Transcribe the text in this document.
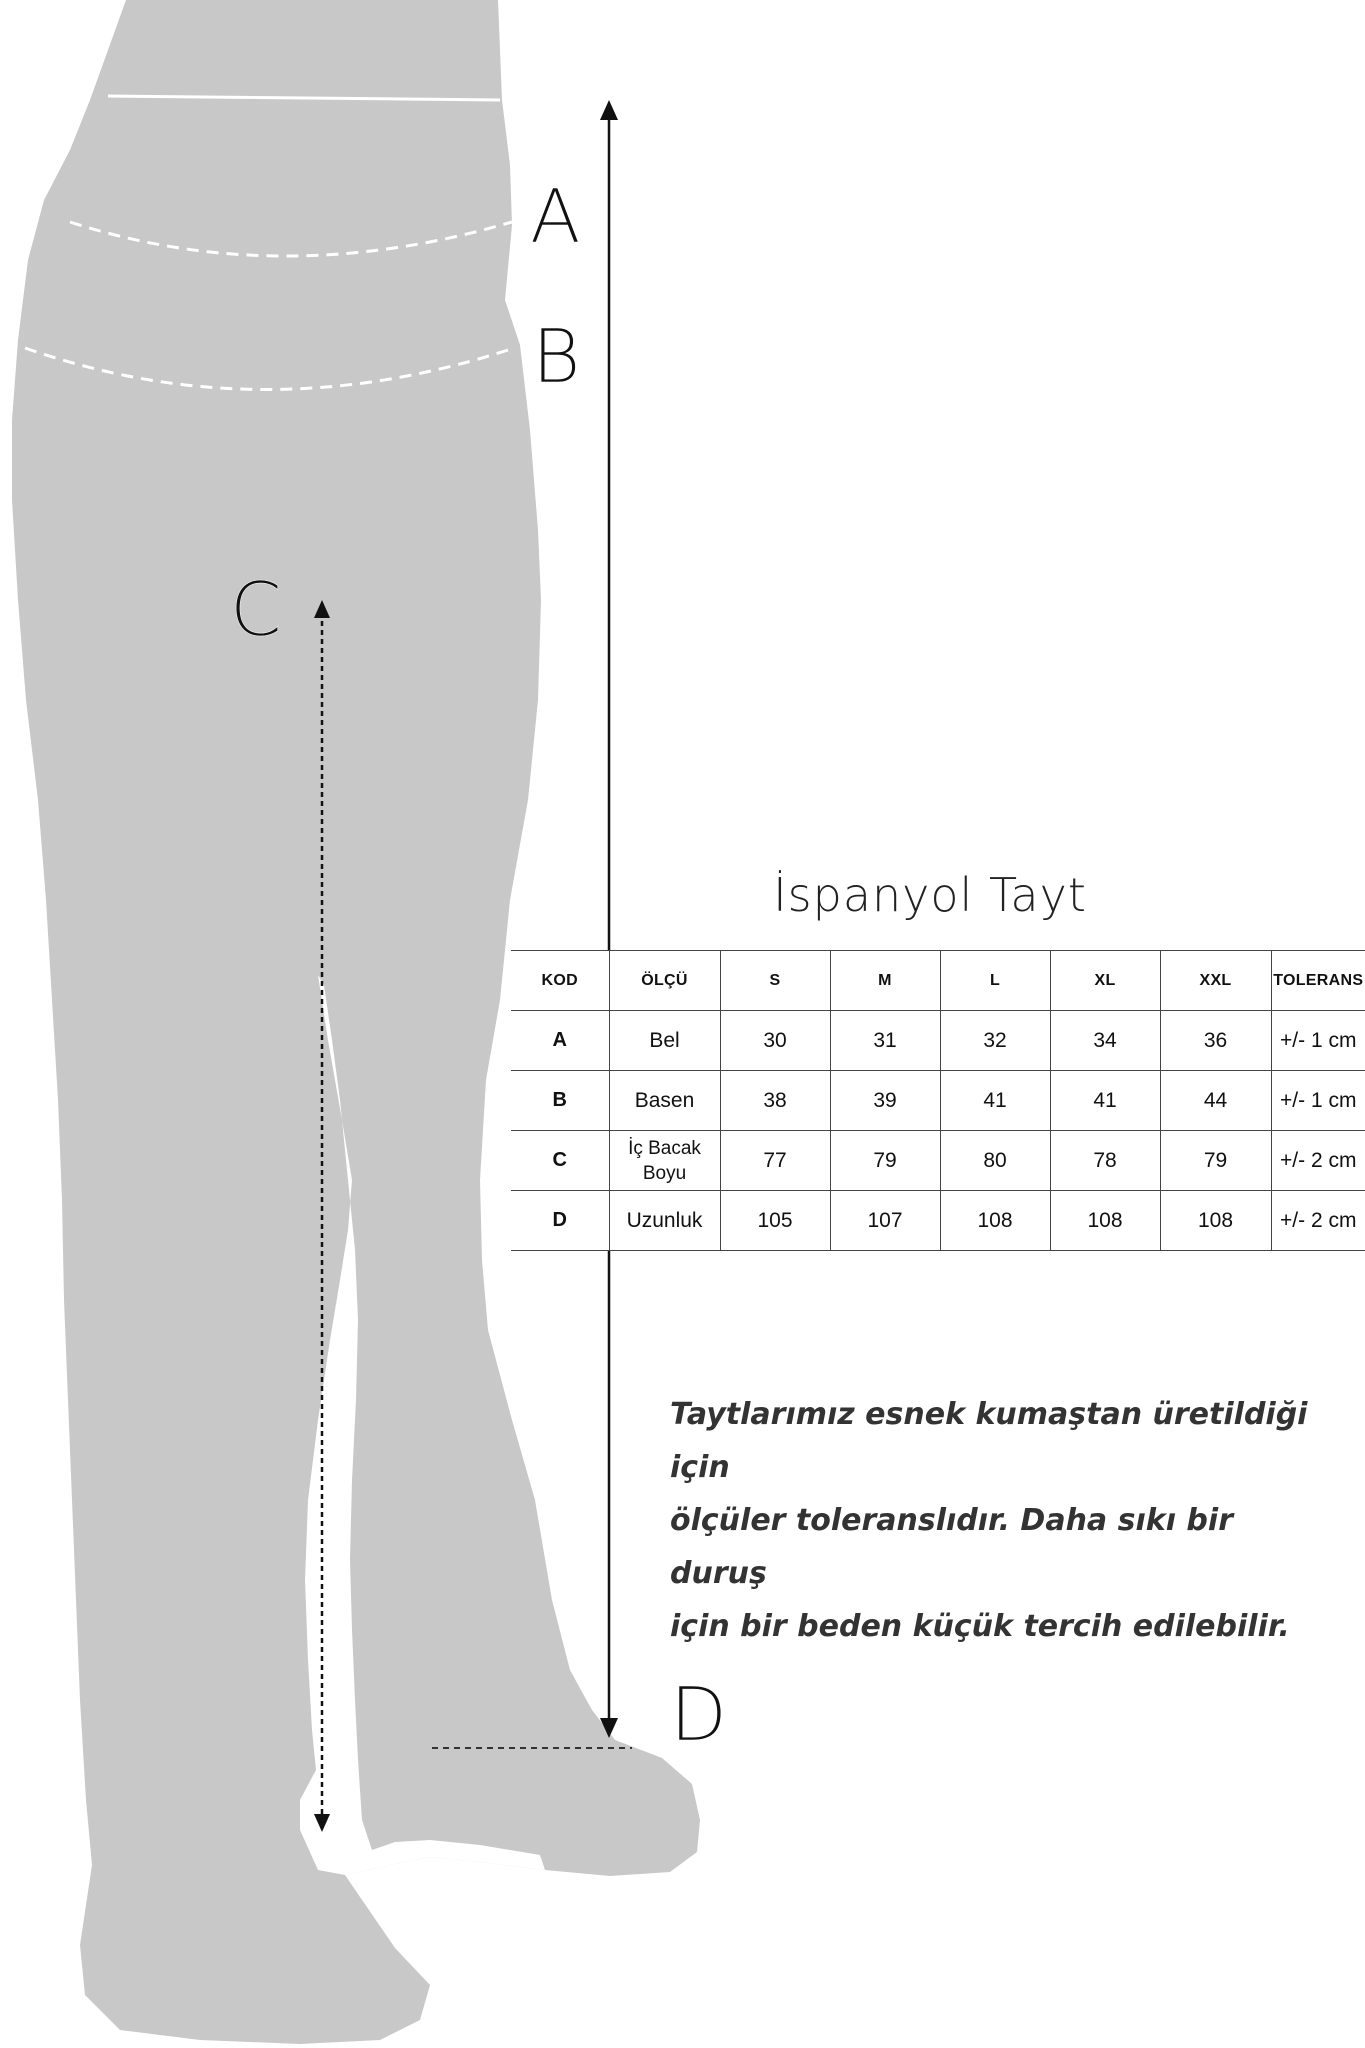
A
B
C
D
İspanyol Tayt
KOD	ÖLÇÜ	S	M	L	XL	XXL	TOLERANS
A	Bel	30	31	32	34	36	+/- 1 cm
B	Basen	38	39	41	41	44	+/- 1 cm
C	İç Bacak Boyu	77	79	80	78	79	+/- 2 cm
D	Uzunluk	105	107	108	108	108	+/- 2 cm
Taytlarımız esnek kumaştan üretildiği için
ölçüler toleranslıdır. Daha sıkı bir duruş
için bir beden küçük tercih edilebilir.
